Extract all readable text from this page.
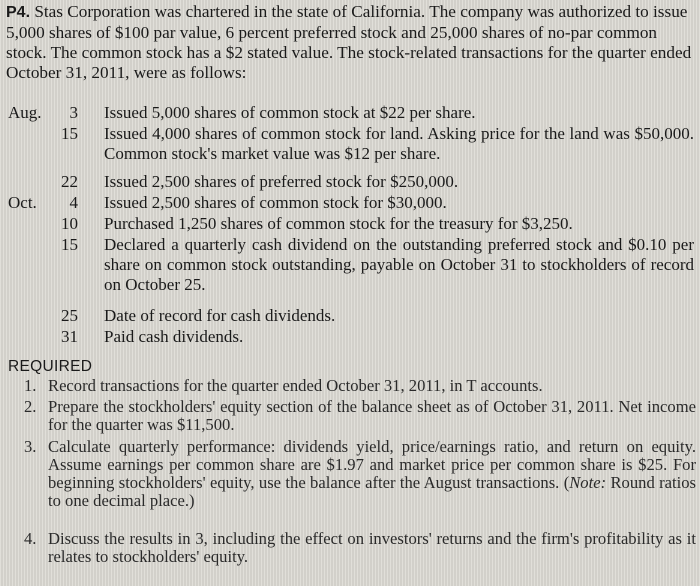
P4. Stas Corporation was chartered in the state of California. The company was authorized to issue 5,000 shares of $100 par value, 6 percent preferred stock and 25,000 shares of no-par common stock. The common stock has a $2 stated value. The stock-related transactions for the quarter ended October 31, 2011, were as follows:

Aug.	3 Issued 5,000 shares of common stock at $22 per share.
15 Issued 4,000 shares of common stock for land. Asking price for the land was $50,000. Common stock's market value was $12 per share.
22 Issued 2,500 shares of preferred stock for $250,000.
Oct.	4 Issued 2,500 shares of common stock for $30,000.
10 Purchased 1,250 shares of common stock for the treasury for $3,250.
15 Declared a quarterly cash dividend on the outstanding preferred stock and $0.10 per share on common stock outstanding, payable on October 31 to stockholders of record on October 25.
25 Date of record for cash dividends.
31 Paid cash dividends.
REQUIRED
1. Record transactions for the quarter ended October 31, 2011, in T accounts.
2. Prepare the stockholders' equity section of the balance sheet as of October 31, 2011. Net income for the quarter was $11,500.
3. Calculate quarterly performance: dividends yield, price/earnings ratio, and return on equity. Assume earnings per common share are $1.97 and market price per common share is $25. For beginning stockholders' equity, use the balance after the August transactions. (Note: Round ratios to one decimal place.)
4. Discuss the results in 3, including the effect on investors' returns and the firm's profitability as it relates to stockholders' equity.
